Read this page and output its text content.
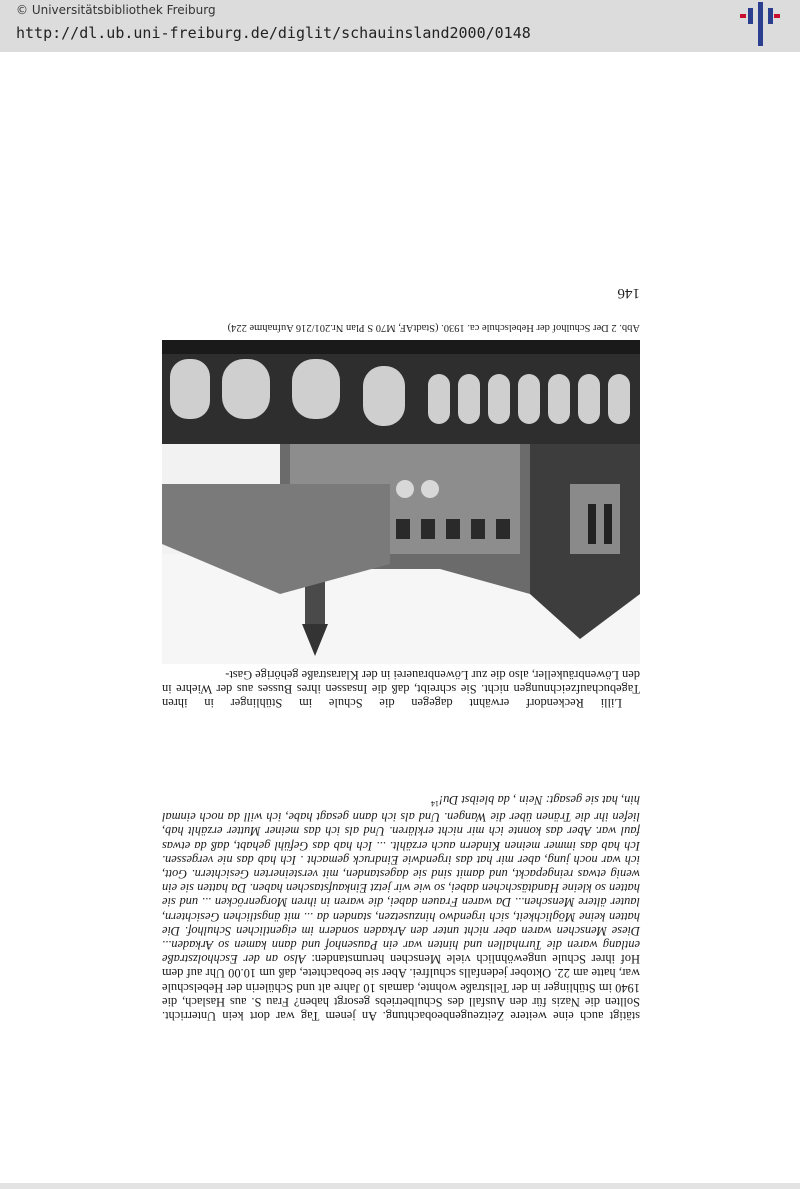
© Universitätsbibliothek Freiburg
http://dl.ub.uni-freiburg.de/diglit/schauinsland2000/0148

stätigt auch eine weitere Zeitzeugenbeobachtung. An jenem Tag war dort kein Unterricht. Sollten die Nazis für den Ausfall des Schulbetriebs gesorgt haben? Frau S. aus Haslach, die 1940 im Stühlinger in der Tellstraße wohnte, damals 10 Jahre alt und Schülerin der Hebelschule war, hatte am 22. Oktober jedenfalls schulfrei. Aber sie beobachtete, daß um 10.00 Uhr auf dem Hof ihrer Schule ungewöhnlich viele Menschen herumstanden: Also an der Eschholzstraße entlang waren die Turnhallen und hinten war ein Pausenhof und dann kamen so Arkaden... Diese Menschen waren aber nicht unter den Arkaden sondern im eigentlichen Schulhof. Die hatten keine Möglichkeit, sich irgendwo hinzusetzen, standen da ... mit ängstlichen Gesichtern, lauter ältere Menschen... Da waren Frauen dabei, die waren in ihren Morgenröcken ... und sie hatten so kleine Handtäschchen dabei, so wie wir jetzt Einkaufstaschen haben. Da hatten sie ein wenig etwas reingepackt, und damit sind sie dagestanden, mit versteinerten Gesichtern. Gott, ich war noch jung, aber mir hat das irgendwie Eindruck gemacht . Ich hab das nie vergessen. Ich hab das immer meinen Kindern auch erzählt. ... Ich hab das Gefühl gehabt, daß da etwas faul war. Aber das konnte ich mir nicht erklären. Und als ich das meiner Mutter erzählt hab, liefen ihr die Tränen über die Wangen. Und als ich dann gesagt habe, ich will da noch einmal hin, hat sie gesagt: Nein , da bleibst Du!$^{14}$

Lilli Reckendorf erwähnt dagegen die Schule im Stühlinger in ihren Tagebuchaufzeichnungen nicht. Sie schreibt, daß die Insassen ihres Busses aus der Wiehre in den Löwenbräukeller, also die zur Löwenbrauerei in der Klarastraße gehörige Gast-

Abb. 2 Der Schulhof der Hebelschule ca. 1930. (StadtAF, M70 S Plan Nr.201/216 Aufnahme 224)
146
